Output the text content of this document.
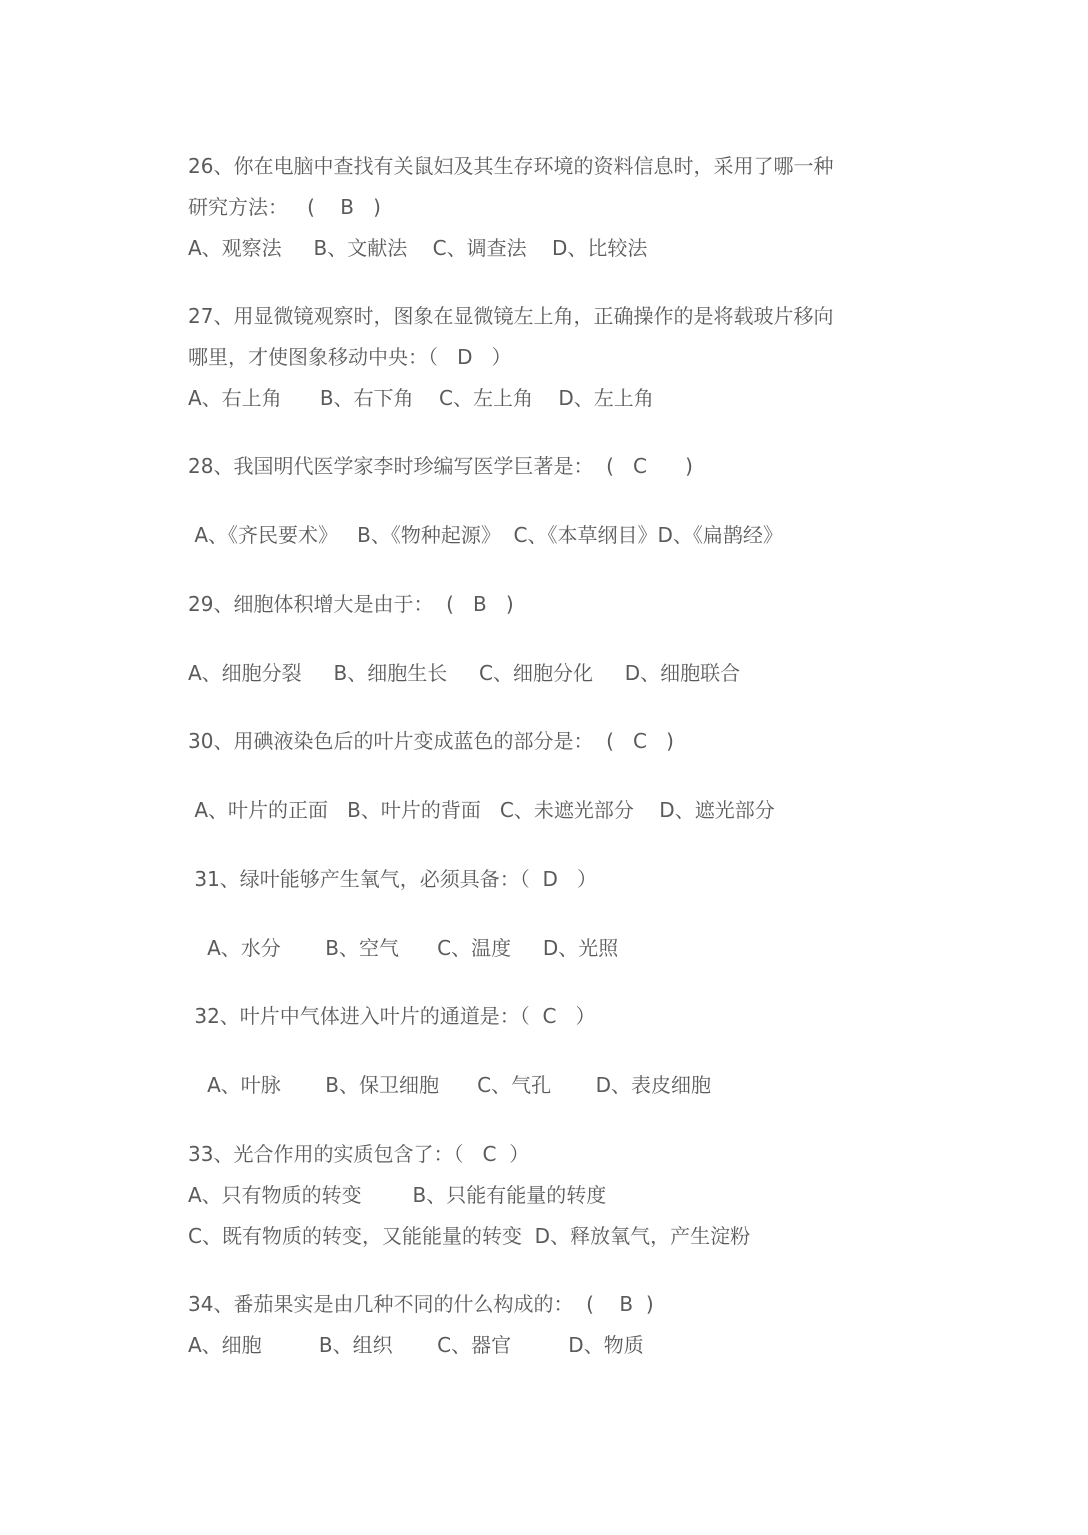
26、你在电脑中查找有关鼠妇及其生存环境的资料信息时，采用了哪一种
研究方法：   (    B   )
A、观察法     B、文献法    C、调查法    D、比较法
27、用显微镜观察时，图象在显微镜左上角，正确操作的是将载玻片移向
哪里，才使图象移动中央：（   D   ）
A、右上角      B、右下角    C、左上角    D、左上角
28、我国明代医学家李时珍编写医学巨著是：  (   C      )
A、《齐民要术》   B、《物种起源》  C、《本草纲目》D、《扁鹊经》
29、细胞体积增大是由于：  (   B   )
A、细胞分裂     B、细胞生长     C、细胞分化     D、细胞联合
30、用碘液染色后的叶片变成蓝色的部分是：  (   C   )
A、叶片的正面   B、叶片的背面   C、未遮光部分    D、遮光部分
31、绿叶能够产生氧气，必须具备：（  D   ）
A、水分       B、空气      C、温度     D、光照
32、叶片中气体进入叶片的通道是：（  C   ）
A、叶脉       B、保卫细胞      C、气孔       D、表皮细胞
33、光合作用的实质包含了：（   C  ）
A、只有物质的转变        B、只能有能量的转度
C、既有物质的转变，又能能量的转变  D、释放氧气，产生淀粉
34、番茄果实是由几种不同的什么构成的：  (    B  )
A、细胞         B、组织       C、器官         D、物质
